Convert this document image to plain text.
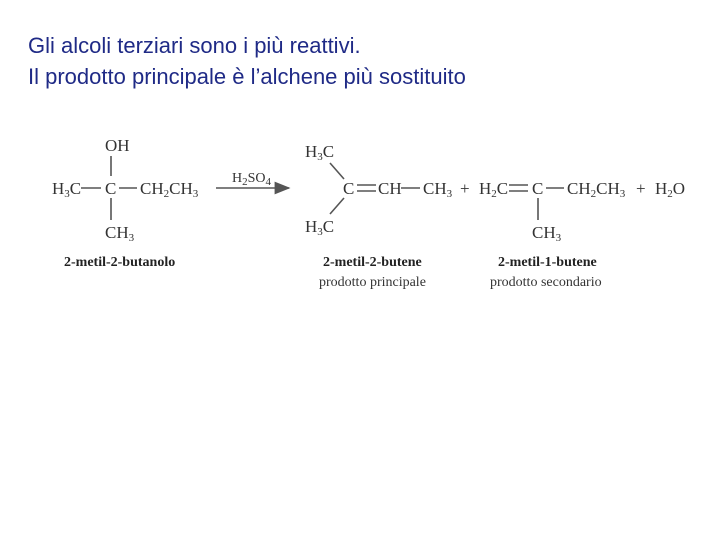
Gli alcoli terziari sono i più reattivi.
Il prodotto principale è l’alchene più sostituito
OH
H3C C CH2CH3
CH3
2-metil-2-butanolo
H2SO4
H3C
C
H3C
CH CH3
2-metil-2-butene
prodotto principale
+ H2C C CH2CH3
CH3
2-metil-1-butene
prodotto secondario
+ H2O
